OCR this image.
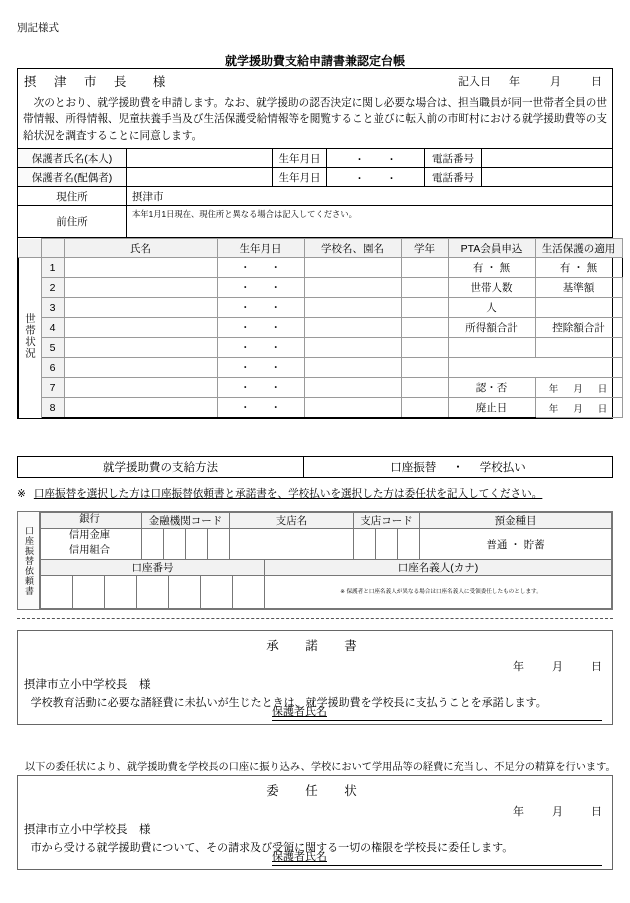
別記様式
就学援助費支給申請書兼認定台帳
摂 津 市 長　様	記入日 年	月	日

次のとおり、就学援助費を申請します。なお、就学援助の認否決定に関し必要な場合は、担当職員が同一世帯者全員の世帯情報、所得情報、児童扶養手当及び生活保護受給情報等を閲覧すること並びに転入前の市町村における就学援助費等の支給状況を調査することに同意します。

保護者氏名(本人)	生年月日	・・	電話番号
保護者名(配偶者)	生年月日	・・	電話番号
現住所	摂津市
前住所
本年1月1日現在、現住所と異なる場合は記入してください。
		氏名	生年月日	学校名、園名	学年	PTA会員申込	生活保護の適用
世帯状況	1		・・			有 ・ 無	有 ・ 無
	2		・・			世帯人数	基準額
	3		・・			人	
	4		・・			所得額合計	控除額合計
	5		・・				
	6		・・				
	7		・・			認・否	年 月 日
	8		・・			廃止日	年 月 日
就学援助費の支給方法	口座振替	・	学校払い
※ 口座振替を選択した方は口座振替依頼書と承諾書を、学校払いを選択した方は委任状を記入してください。
口座振替依頼書
銀行	金融機関コード				支店名	支店コード			預金種目
信用金庫									普通 ・ 貯蓄
信用組合									
口座番号							口座名義人(カナ)
							※ 保護者と口座名義人が異なる場合は口座名義人に受領委任したものとします。
承　諾　書
年	月	日
摂津市立小中学校長　様
学校教育活動に必要な諸経費に未払いが生じたときは、就学援助費を学校長に支払うことを承諾します。
保護者氏名
以下の委任状により、就学援助費を学校長の口座に振り込み、学校において学用品等の経費に充当し、不足分の精算を行います。
委　任　状
年	月	日
摂津市立小中学校長　様
市から受ける就学援助費について、その請求及び受領に関する一切の権限を学校長に委任します。
保護者氏名
